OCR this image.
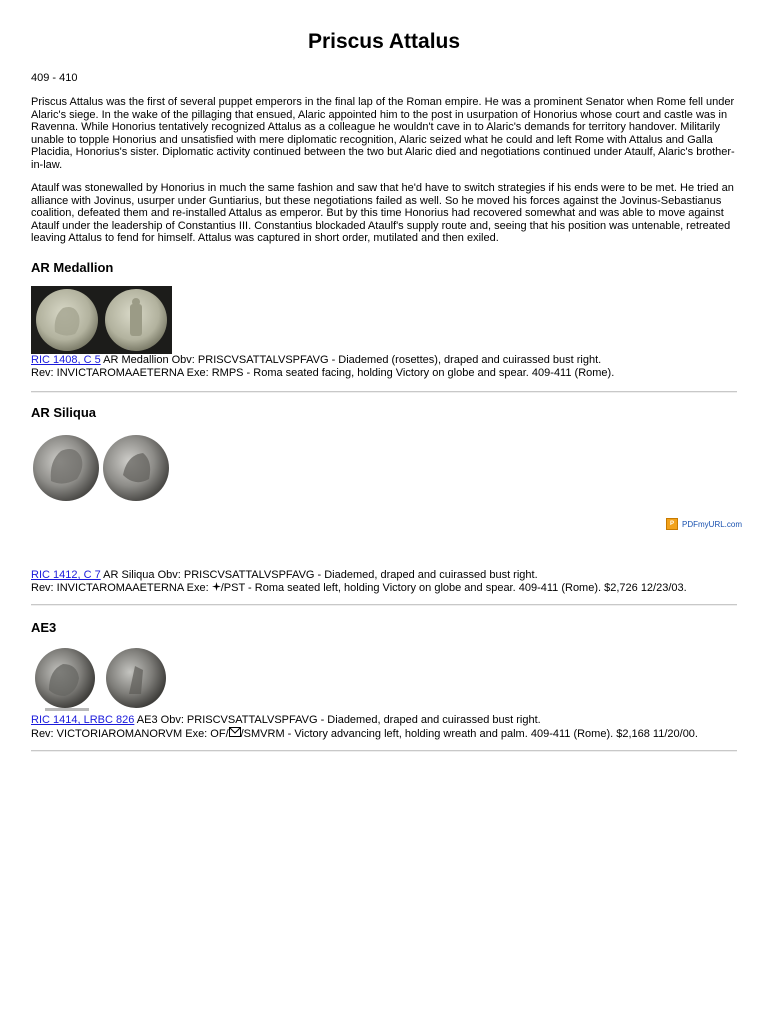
Priscus Attalus

409 - 410

Priscus Attalus was the first of several puppet emperors in the final lap of the Roman empire. He was a prominent Senator when Rome fell under Alaric's siege. In the wake of the pillaging that ensued, Alaric appointed him to the post in usurpation of Honorius whose court and castle was in Ravenna. While Honorius tentatively recognized Attalus as a colleague he wouldn't cave in to Alaric's demands for territory handover. Militarily unable to topple Honorius and unsatisfied with mere diplomatic recognition, Alaric seized what he could and left Rome with Attalus and Galla Placidia, Honorius's sister. Diplomatic activity continued between the two but Alaric died and negotiations continued under Ataulf, Alaric's brother-in-law.

Ataulf was stonewalled by Honorius in much the same fashion and saw that he'd have to switch strategies if his ends were to be met. He tried an alliance with Jovinus, usurper under Guntiarius, but these negotiations failed as well. So he moved his forces against the Jovinus-Sebastianus coalition, defeated them and re-installed Attalus as emperor. But by this time Honorius had recovered somewhat and was able to move against Ataulf under the leadership of Constantius III. Constantius blockaded Ataulf's supply route and, seeing that his position was untenable, retreated leaving Attalus to fend for himself. Attalus was captured in short order, mutilated and then exiled.

AR Medallion
©

RIC 1408, C 5 AR Medallion Obv: PRISCVSATTALVSPFAVG - Diademed (rosettes), draped and cuirassed bust right.
Rev: INVICTAROMAAETERNA Exe: RMPS - Roma seated facing, holding Victory on globe and spear. 409-411 (Rome).

AR Siliqua
P	PDFmyURL.com

RIC 1412, C 7 AR Siliqua Obv: PRISCVSATTALVSPFAVG - Diademed, draped and cuirassed bust right.
Rev: INVICTAROMAAETERNA Exe: /PST - Roma seated left, holding Victory on globe and spear. 409-411 (Rome). $2,726 12/23/03.

AE3

RIC 1414, LRBC 826 AE3 Obv: PRISCVSATTALVSPFAVG - Diademed, draped and cuirassed bust right.
Rev: VICTORIAROMANORVM Exe: OF/ /SMVRM - Victory advancing left, holding wreath and palm. 409-411 (Rome). $2,168 11/20/00.
